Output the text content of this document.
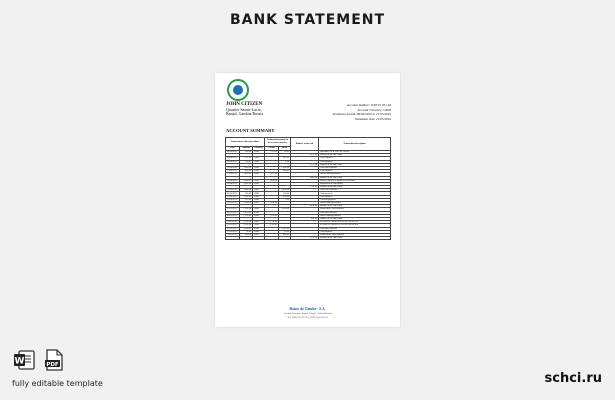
BANK STATEMENT
JOHN CITIZEN
Quartier Sainte-Lucie,
Banjul, Gambia/Russia
Account number: 1198 07 02 164
Account Currency: GMD
Statement period: 08/04/2022 to 21/05/2022
Statement date: 21/05/2022
ACCOUNT SUMMARY
Transactions, other operations			Transaction amount in the account currency		Balance at the end	Transaction description
Date	Amount	Currency	Credit	Debit		
08/04/2022	150.00	GMD	150.00	78.00		Operation - in IF POS ## 769Sex
					1,671.00	Balance at the end of day
09/04/2022	321.00	GMD		321.00		Card expenses
10/04/2022	150.00	GMD		8.00		Card payment
					1,171.00	Balance at the end of day
12/04/2022	1200.00	GMD		1,200.00		Card cash expenses
13/04/2022	800.00	GMD		800.00		Card payment
15/04/2022	1850.00	GMD	1,850.00			Online banking transfer
					2,843.00	Balance at the end of day
18/04/2022	5,600.00	GMD	5,600.00			Internet transfer of funds ## to Account
20/04/2022	2,245.00	GMD				Repayment of card money
					1,765.00	Balance at the end of day
22/04/2022	1600.00	GMD		1,600.00		Card cash expenses
25/04/2022	110.00	GMD		110.00		Card payment
27/04/2022	1250.00	GMD		1,250.00		Card payment
29/04/2022	135.00	GMD		5.00		Cashless payment
02/05/2022	1,934.00	GMD	1,934.00			Online banking transfer
					4,600.00	Balance at the end of day
05/05/2022	2,300.00	GMD		2,300.00		Maintenance card expenses
06/05/2022	1,475.00	GMD				Card fixed services
08/05/2022	1,150.00	GMD	1,150.00			Online banking transfer
					985.00	Balance at the end of day
10/05/2022	3,750.00	GMD	3,750.00			PAYMENT FROM OTHER BANK ## 123
12/05/2022	5,760.00	GMD	5,760.00			PAYMENT FROM OTHER BANK ## 456
15/05/2022	2,000.00	GMD		2,000.00		Card cash expenses
17/05/2022	10.00	GMD		10.00		Card payment
19/05/2022	800.00	GMD		800.00		Maintenance card expenses
					5,711.00	Balance at the end of day
Banco do Gamba - S.A.
Avenida Principal, Banjul, Banjul, Gambia/Russia
Tel: (999) 241-555555, (999) 241-555554
W	PDF
fully editable template	schci.ru
